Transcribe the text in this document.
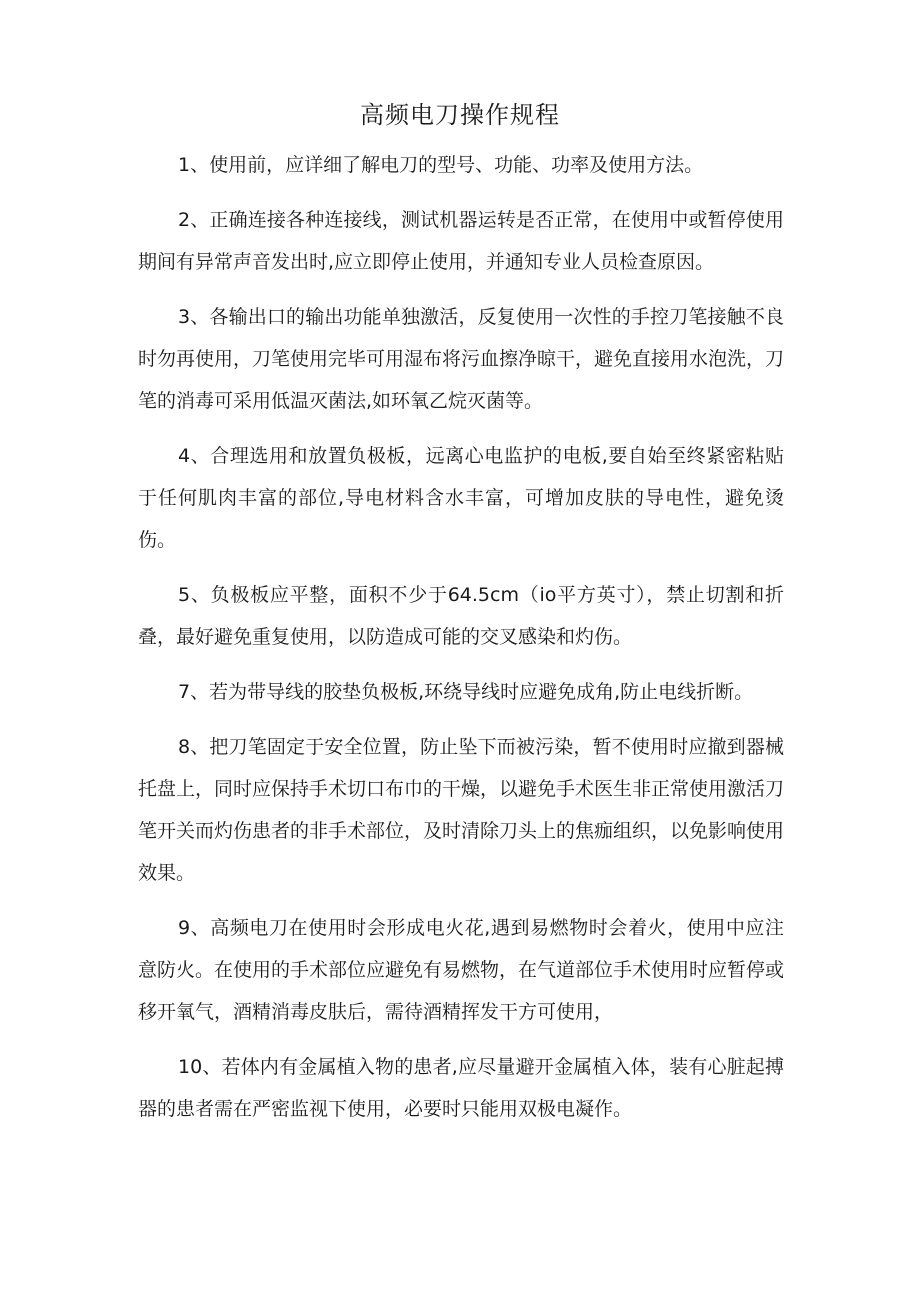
高频电刀操作规程

1、使用前，应详细了解电刀的型号、功能、功率及使用方法。

2、正确连接各种连接线，测试机器运转是否正常，在使用中或暂停使用期间有异常声音发出时,应立即停止使用，并通知专业人员检查原因。

3、各输出口的输出功能单独激活，反复使用一次性的手控刀笔接触不良时勿再使用，刀笔使用完毕可用湿布将污血擦净晾干，避免直接用水泡洗，刀笔的消毒可采用低温灭菌法,如环氧乙烷灭菌等。

4、合理选用和放置负极板，远离心电监护的电板,要自始至终紧密粘贴于任何肌肉丰富的部位,导电材料含水丰富，可增加皮肤的导电性，避免烫伤。

5、负极板应平整，面积不少于64.5cm（io平方英寸），禁止切割和折叠，最好避免重复使用，以防造成可能的交叉感染和灼伤。

7、若为带导线的胶垫负极板,环绕导线时应避免成角,防止电线折断。

8、把刀笔固定于安全位置，防止坠下而被污染，暂不使用时应撤到器械托盘上，同时应保持手术切口布巾的干燥，以避免手术医生非正常使用激活刀笔开关而灼伤患者的非手术部位，及时清除刀头上的焦痂组织，以免影响使用效果。

9、高频电刀在使用时会形成电火花,遇到易燃物时会着火，使用中应注意防火。在使用的手术部位应避免有易燃物，在气道部位手术使用时应暂停或移开氧气，酒精消毒皮肤后，需待酒精挥发干方可使用，

10、若体内有金属植入物的患者,应尽量避开金属植入体，装有心脏起搏器的患者需在严密监视下使用，必要时只能用双极电凝作。
